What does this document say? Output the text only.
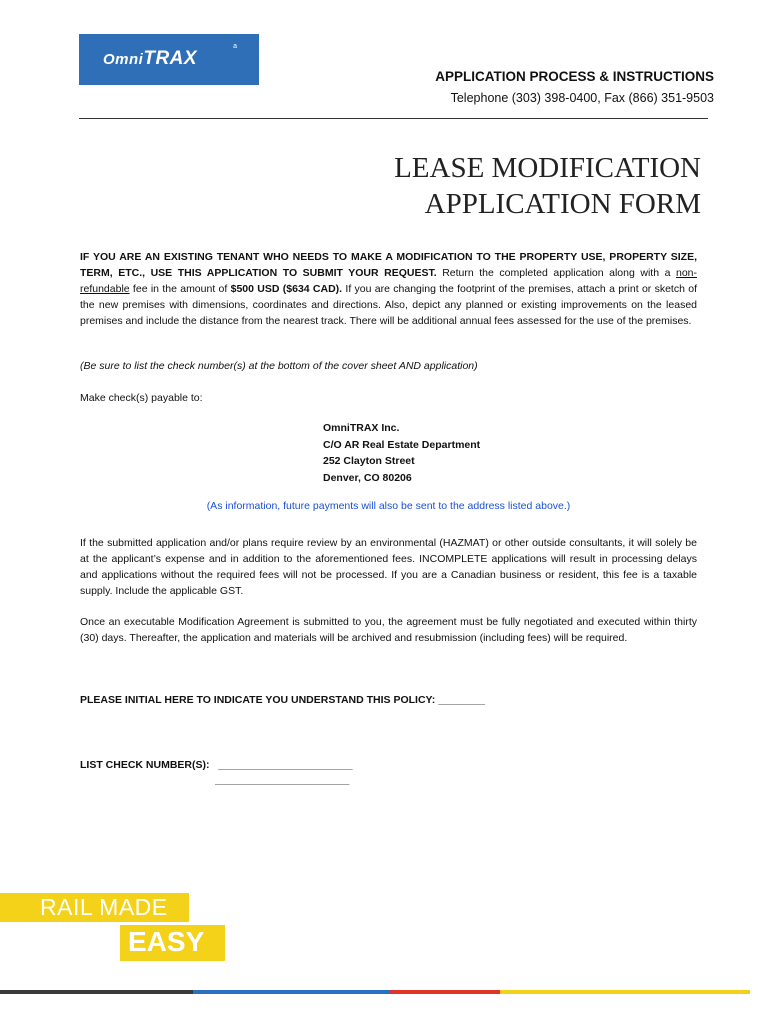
OmniTRAX
a
APPLICATION PROCESS & INSTRUCTIONS
Telephone (303) 398-0400, Fax (866) 351-9503
LEASE MODIFICATION
APPLICATION FORM
IF YOU ARE AN EXISTING TENANT WHO NEEDS TO MAKE A MODIFICATION TO THE PROPERTY USE, PROPERTY SIZE, TERM, ETC., USE THIS APPLICATION TO SUBMIT YOUR REQUEST. Return the completed application along with a non-refundable fee in the amount of $500 USD ($634 CAD). If you are changing the footprint of the premises, attach a print or sketch of the new premises with dimensions, coordinates and directions. Also, depict any planned or existing improvements on the leased premises and include the distance from the nearest track. There will be additional annual fees assessed for the use of the premises.
(Be sure to list the check number(s) at the bottom of the cover sheet AND application)
Make check(s) payable to:
OmniTRAX Inc.
C/O AR Real Estate Department
252 Clayton Street
Denver, CO 80206
(As information, future payments will also be sent to the address listed above.)
If the submitted application and/or plans require review by an environmental (HAZMAT) or other outside consultants, it will solely be at the applicant’s expense and in addition to the aforementioned fees. INCOMPLETE applications will result in processing delays and applications without the required fees will not be processed. If you are a Canadian business or resident, this fee is a taxable supply. Include the applicable GST.
Once an executable Modification Agreement is submitted to you, the agreement must be fully negotiated and executed within thirty (30) days. Thereafter, the application and materials will be archived and resubmission (including fees) will be required.
PLEASE INITIAL HERE TO INDICATE YOU UNDERSTAND THIS POLICY: ________
LIST CHECK NUMBER(S): _______________________
_______________________
RAIL MADE
EASY
